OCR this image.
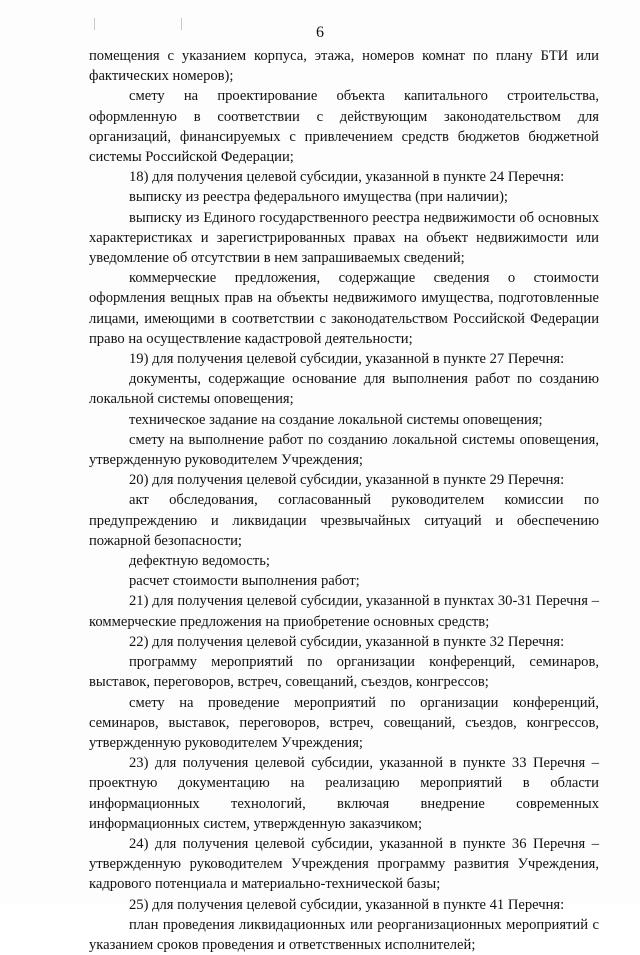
6

помещения с указанием корпуса, этажа, номеров комнат по плану БТИ или фактических номеров);

смету на проектирование объекта капитального строительства, оформленную в соответствии с действующим законодательством для организаций, финансируемых с привлечением средств бюджетов бюджетной системы Российской Федерации;

18) для получения целевой субсидии, указанной в пункте 24 Перечня:

выписку из реестра федерального имущества (при наличии);

выписку из Единого государственного реестра недвижимости об основных характеристиках и зарегистрированных правах на объект недвижимости или уведомление об отсутствии в нем запрашиваемых сведений;

коммерческие предложения, содержащие сведения о стоимости оформления вещных прав на объекты недвижимого имущества, подготовленные лицами, имеющими в соответствии с законодательством Российской Федерации право на осуществление кадастровой деятельности;

19) для получения целевой субсидии, указанной в пункте 27 Перечня:

документы, содержащие основание для выполнения работ по созданию локальной системы оповещения;

техническое задание на создание локальной системы оповещения;

смету на выполнение работ по созданию локальной системы оповещения, утвержденную руководителем Учреждения;

20) для получения целевой субсидии, указанной в пункте 29 Перечня:

акт обследования, согласованный руководителем комиссии по предупреждению и ликвидации чрезвычайных ситуаций и обеспечению пожарной безопасности;

дефектную ведомость;

расчет стоимости выполнения работ;

21) для получения целевой субсидии, указанной в пунктах 30-31 Перечня – коммерческие предложения на приобретение основных средств;

22) для получения целевой субсидии, указанной в пункте 32 Перечня:

программу мероприятий по организации конференций, семинаров, выставок, переговоров, встреч, совещаний, съездов, конгрессов;

смету на проведение мероприятий по организации конференций, семинаров, выставок, переговоров, встреч, совещаний, съездов, конгрессов, утвержденную руководителем Учреждения;

23) для получения целевой субсидии, указанной в пункте 33 Перечня – проектную документацию на реализацию мероприятий в области информационных технологий, включая внедрение современных информационных систем, утвержденную заказчиком;

24) для получения целевой субсидии, указанной в пункте 36 Перечня – утвержденную руководителем Учреждения программу развития Учреждения, кадрового потенциала и материально-технической базы;

25) для получения целевой субсидии, указанной в пункте 41 Перечня:

план проведения ликвидационных или реорганизационных мероприятий с указанием сроков проведения и ответственных исполнителей;
